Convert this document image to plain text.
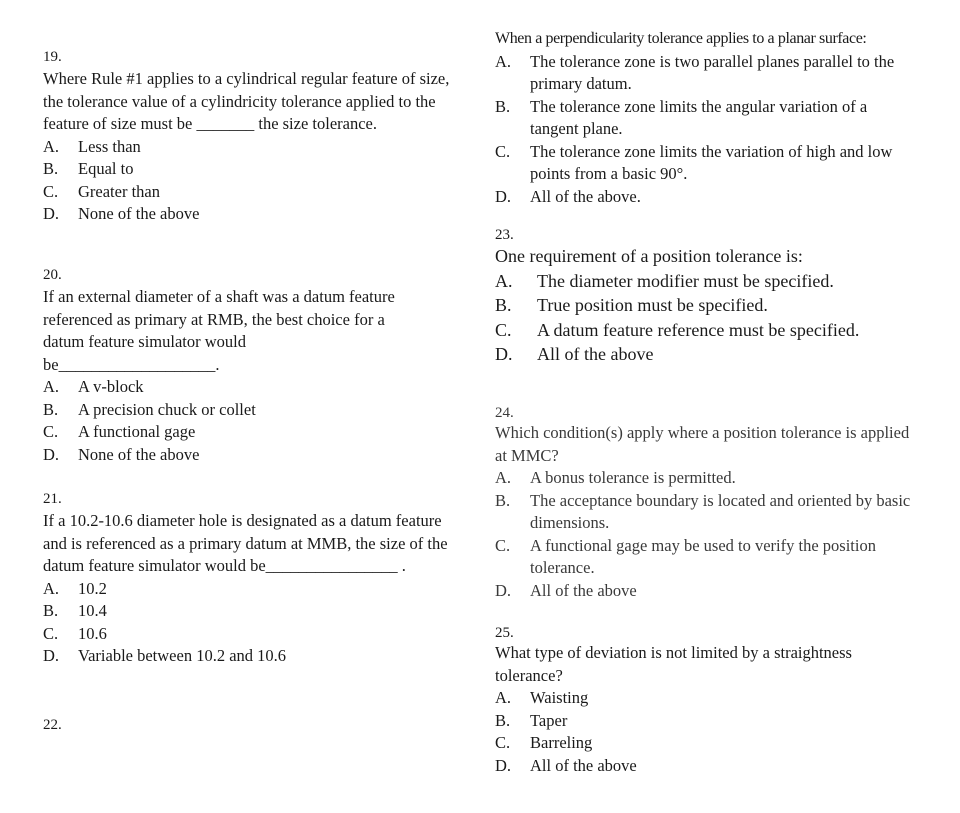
19.
Where Rule #1 applies to a cylindrical regular feature of size, the tolerance value of a cylindricity tolerance applied to the feature of size must be _______ the size tolerance.
A.	Less than
B.	Equal to
C.	Greater than
D.	None of the above
20.
If an external diameter of a shaft was a datum feature referenced as primary at RMB, the best choice for a datum feature simulator would be___________________.
A.	A v-block
B.	A precision chuck or collet
C.	A functional gage
D.	None of the above
21.
If a 10.2-10.6 diameter hole is designated as a datum feature and is referenced as a primary datum at MMB, the size of the datum feature simulator would be________________ .
A.	10.2
B.	10.4
C.	10.6
D.	Variable between 10.2 and 10.6
22.
When a perpendicularity tolerance applies to a planar surface:
A.	The tolerance zone is two parallel planes parallel to the primary datum.
B.	The tolerance zone limits the angular variation of a tangent plane.
C.	The tolerance zone limits the variation of high and low points from a basic 90°.
D.	All of the above.
23.
One requirement of a position tolerance is:
A.	The diameter modifier must be specified.
B.	True position must be specified.
C.	A datum feature reference must be specified.
D.	All of the above
24.
Which condition(s) apply where a position tolerance is applied at MMC?
A.	A bonus tolerance is permitted.
B.	The acceptance boundary is located and oriented by basic dimensions.
C.	A functional gage may be used to verify the position tolerance.
D.	All of the above
25.
What type of deviation is not limited by a straightness tolerance?
A.	Waisting
B.	Taper
C.	Barreling
D.	All of the above
